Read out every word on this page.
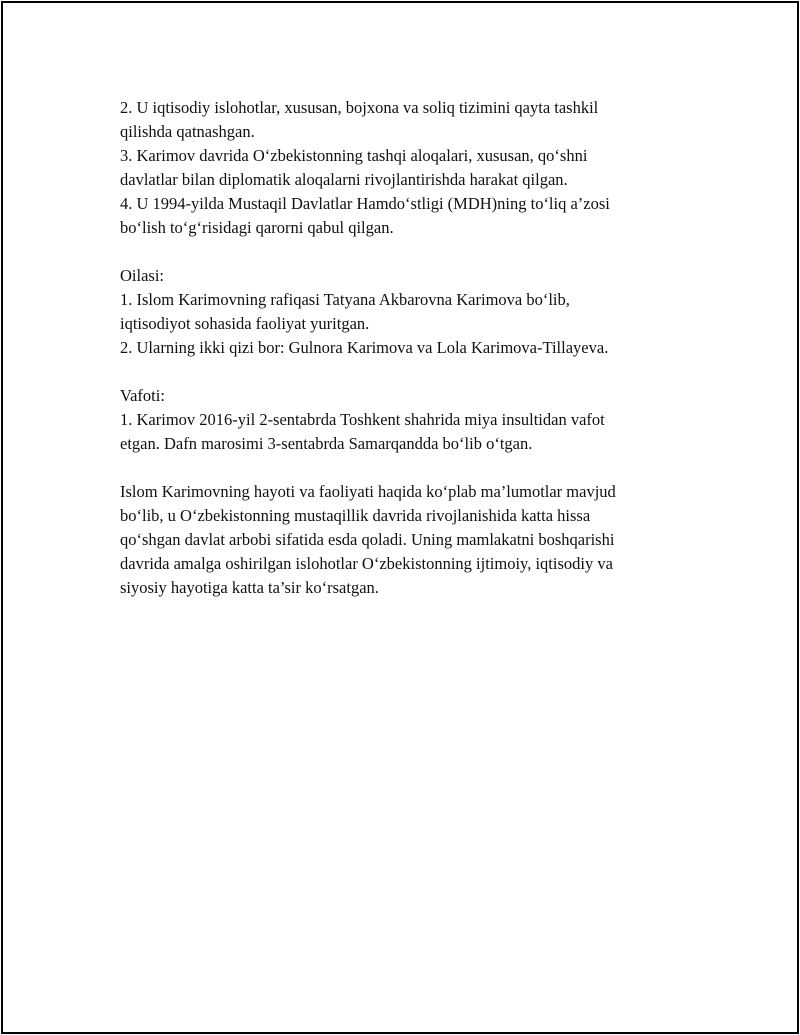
2. U iqtisodiy islohotlar, xususan, bojxona va soliq tizimini qayta tashkil
qilishda qatnashgan.
3. Karimov davrida O‘zbekistonning tashqi aloqalari, xususan, qo‘shni
davlatlar bilan diplomatik aloqalarni rivojlantirishda harakat qilgan.
4. U 1994-yilda Mustaqil Davlatlar Hamdo‘stligi (MDH)ning to‘liq a’zosi
bo‘lish to‘g‘risidagi qarorni qabul qilgan.
Oilasi:
1. Islom Karimovning rafiqasi Tatyana Akbarovna Karimova bo‘lib,
iqtisodiyot sohasida faoliyat yuritgan.
2. Ularning ikki qizi bor: Gulnora Karimova va Lola Karimova-Tillayeva.
Vafoti:
1. Karimov 2016-yil 2-sentabrda Toshkent shahrida miya insultidan vafot
etgan. Dafn marosimi 3-sentabrda Samarqandda bo‘lib o‘tgan.
Islom Karimovning hayoti va faoliyati haqida ko‘plab ma’lumotlar mavjud
bo‘lib, u O‘zbekistonning mustaqillik davrida rivojlanishida katta hissa
qo‘shgan davlat arbobi sifatida esda qoladi. Uning mamlakatni boshqarishi
davrida amalga oshirilgan islohotlar O‘zbekistonning ijtimoiy, iqtisodiy va
siyosiy hayotiga katta ta’sir ko‘rsatgan.
